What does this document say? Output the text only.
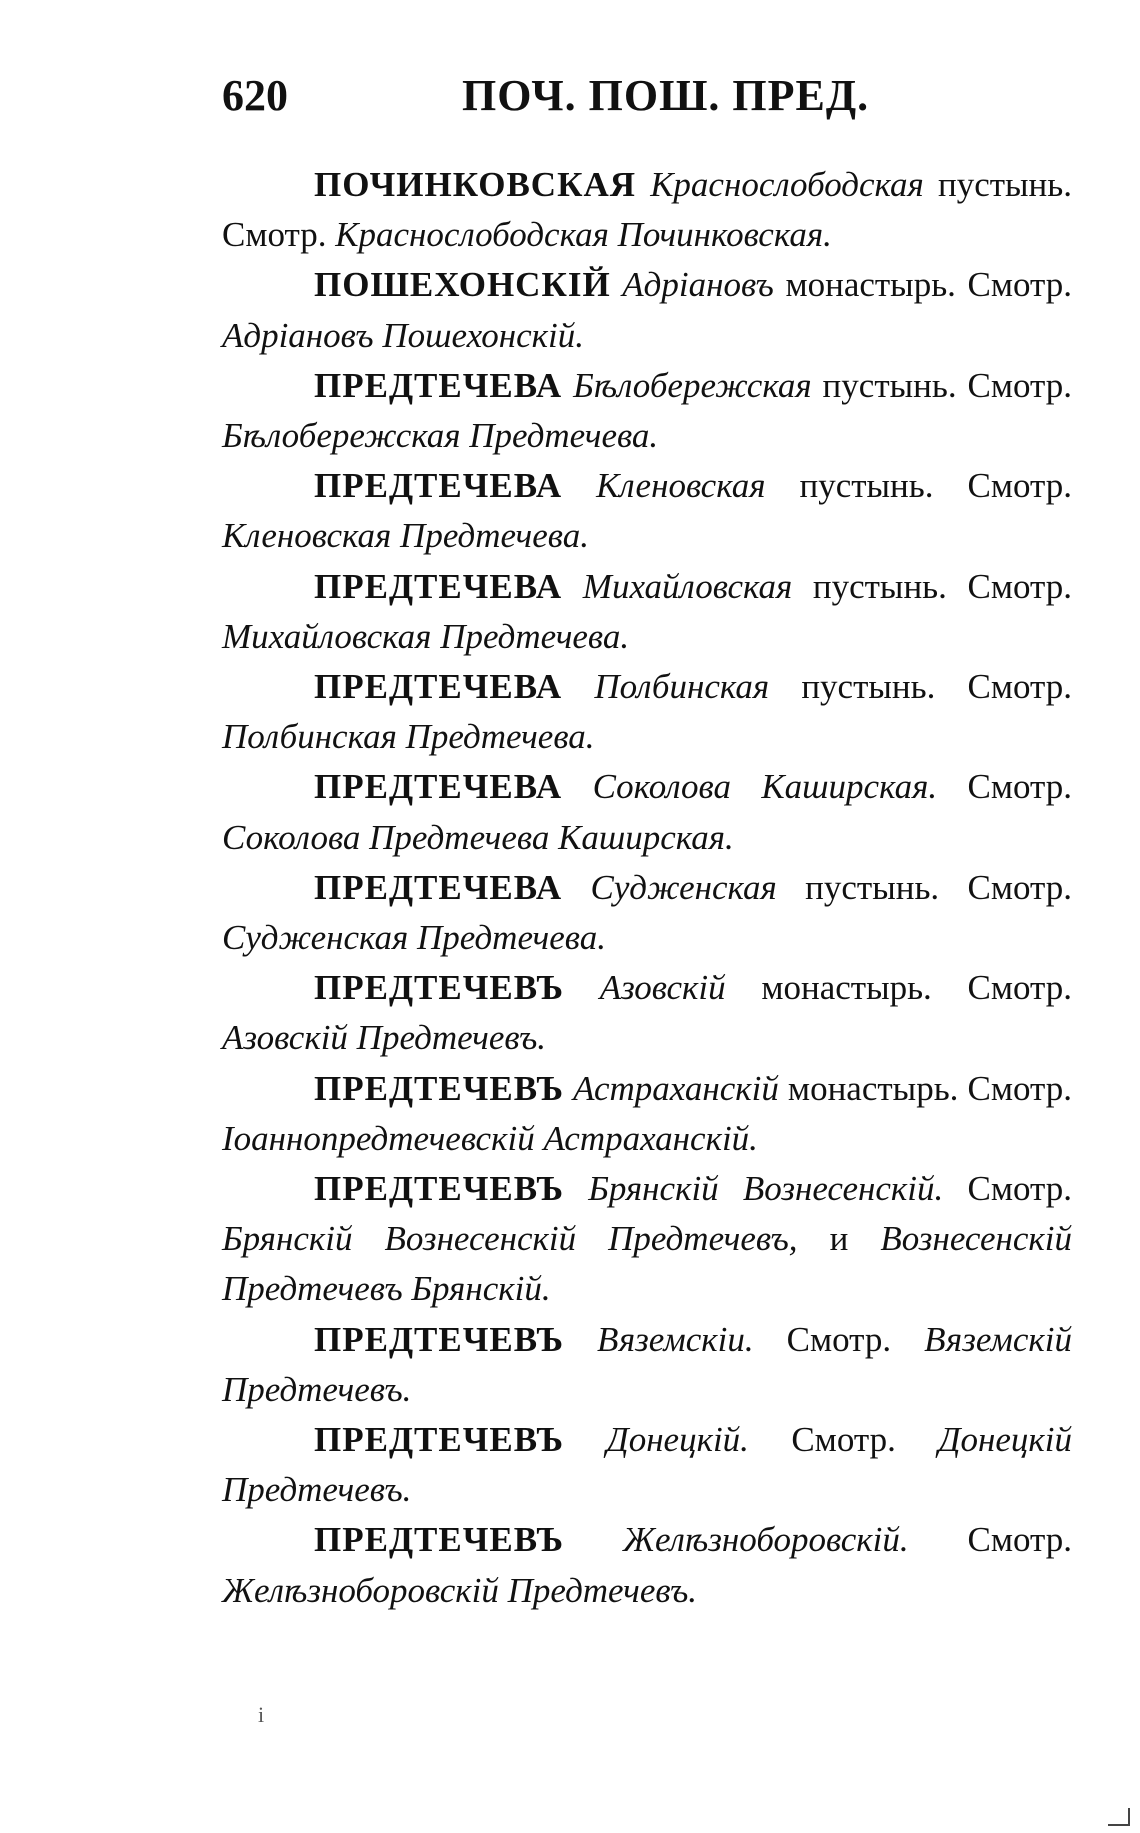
620	ПОЧ. ПОШ. ПРЕД.

ПОЧИНКОВСКАЯ Краснослободская пустынь. Смотр. Краснослободская Починковская.

ПОШЕХОНСКІЙ Адріановъ монастырь. Смотр. Адріановъ Пошехонскій.

ПРЕДТЕЧЕВА Бѣлобережская пустынь. Смотр. Бѣлобережская Предтечева.

ПРЕДТЕЧЕВА Кленовская пустынь. Смотр. Кленовская Предтечева.

ПРЕДТЕЧЕВА Михайловская пустынь. Смотр. Михайловская Предтечева.

ПРЕДТЕЧЕВА Полбинская пустынь. Смотр. Полбинская Предтечева.

ПРЕДТЕЧЕВА Соколова Каширская. Смотр. Соколова Предтечева Каширская.

ПРЕДТЕЧЕВА Судженская пустынь. Смотр. Судженская Предтечева.

ПРЕДТЕЧЕВЪ Азовскій монастырь. Смотр. Азовскій Предтечевъ.

ПРЕДТЕЧЕВЪ Астраханскій монастырь. Смотр. Іоаннопредтечевскій Астраханскій.

ПРЕДТЕЧЕВЪ Брянскій Вознесенскій. Смотр. Брянскій Вознесенскій Предтечевъ, и Вознесенскій Предтечевъ Брянскій.

ПРЕДТЕЧЕВЪ Вяземскіи. Смотр. Вяземскій Предтечевъ.

ПРЕДТЕЧЕВЪ Донецкій. Смотр. Донецкій Предтечевъ.

ПРЕДТЕЧЕВЪ Желѣзноборовскій. Смотр. Желѣзноборовскій Предтечевъ.

i
